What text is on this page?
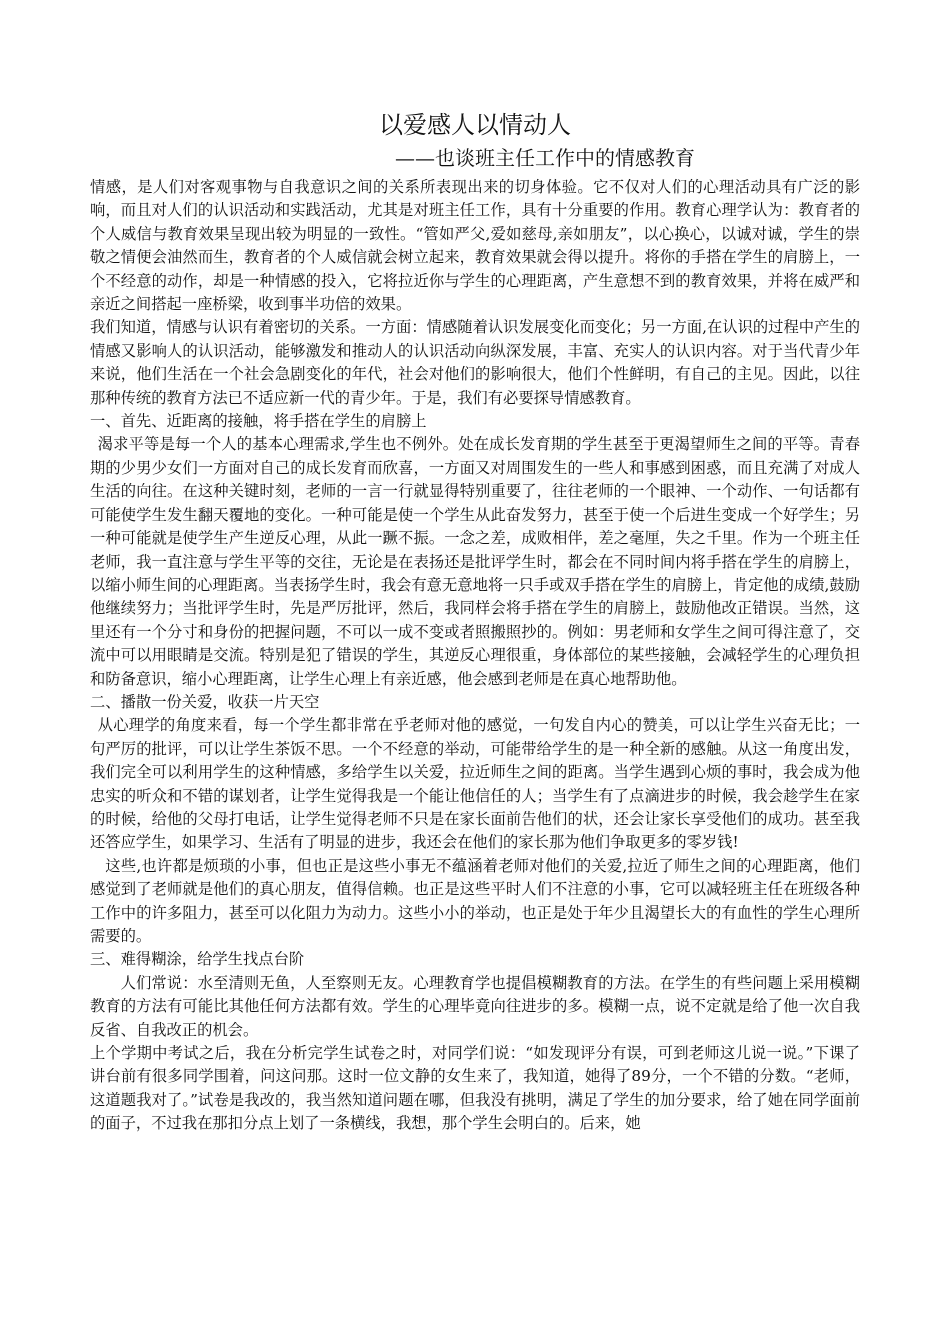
以爱感人以情动人
——也谈班主任工作中的情感教育

情感，是人们对客观事物与自我意识之间的关系所表现出来的切身体验。它不仅对人们的心理活动具有广泛的影响，而且对人们的认识活动和实践活动，尤其是对班主任工作，具有十分重要的作用。教育心理学认为：教育者的个人威信与教育效果呈现出较为明显的一致性。“管如严父,爱如慈母,亲如朋友”，以心换心，以诚对诚，学生的崇敬之情便会油然而生，教育者的个人威信就会树立起来，教育效果就会得以提升。将你的手搭在学生的肩膀上，一个不经意的动作，却是一种情感的投入，它将拉近你与学生的心理距离，产生意想不到的教育效果，并将在威严和亲近之间搭起一座桥梁，收到事半功倍的效果。

我们知道，情感与认识有着密切的关系。一方面：情感随着认识发展变化而变化；另一方面,在认识的过程中产生的情感又影响人的认识活动，能够激发和推动人的认识活动向纵深发展，丰富、充实人的认识内容。对于当代青少年来说，他们生活在一个社会急剧变化的年代，社会对他们的影响很大，他们个性鲜明，有自己的主见。因此，以往那种传统的教育方法已不适应新一代的青少年。于是，我们有必要探导情感教育。

一、首先、近距离的接触，将手搭在学生的肩膀上

渴求平等是每一个人的基本心理需求,学生也不例外。处在成长发育期的学生甚至于更渴望师生之间的平等。青春期的少男少女们一方面对自己的成长发育而欣喜，一方面又对周围发生的一些人和事感到困惑，而且充满了对成人生活的向往。在这种关键时刻，老师的一言一行就显得特别重要了，往往老师的一个眼神、一个动作、一句话都有可能使学生发生翻天覆地的变化。一种可能是使一个学生从此奋发努力，甚至于使一个后进生变成一个好学生；另一种可能就是使学生产生逆反心理，从此一蹶不振。一念之差，成败相伴，差之毫厘，失之千里。作为一个班主任老师，我一直注意与学生平等的交往，无论是在表扬还是批评学生时，都会在不同时间内将手搭在学生的肩膀上，以缩小师生间的心理距离。当表扬学生时，我会有意无意地将一只手或双手搭在学生的肩膀上，肯定他的成绩,鼓励他继续努力；当批评学生时，先是严厉批评，然后，我同样会将手搭在学生的肩膀上，鼓励他改正错误。当然，这里还有一个分寸和身份的把握问题，不可以一成不变或者照搬照抄的。例如：男老师和女学生之间可得注意了，交流中可以用眼睛是交流。特别是犯了错误的学生，其逆反心理很重，身体部位的某些接触，会减轻学生的心理负担和防备意识，缩小心理距离，让学生心理上有亲近感，他会感到老师是在真心地帮助他。

二、播散一份关爱，收获一片天空

从心理学的角度来看，每一个学生都非常在乎老师对他的感觉，一句发自内心的赞美，可以让学生兴奋无比；一句严厉的批评，可以让学生茶饭不思。一个不经意的举动，可能带给学生的是一种全新的感触。从这一角度出发，我们完全可以利用学生的这种情感，多给学生以关爱，拉近师生之间的距离。当学生遇到心烦的事时，我会成为他忠实的听众和不错的谋划者，让学生觉得我是一个能让他信任的人；当学生有了点滴进步的时候，我会趁学生在家的时候，给他的父母打电话，让学生觉得老师不只是在家长面前告他们的状，还会让家长享受他们的成功。甚至我还答应学生，如果学习、生活有了明显的进步，我还会在他们的家长那为他们争取更多的零岁钱!

这些,也许都是烦琐的小事，但也正是这些小事无不蕴涵着老师对他们的关爱,拉近了师生之间的心理距离，他们感觉到了老师就是他们的真心朋友，值得信赖。也正是这些平时人们不注意的小事，它可以减轻班主任在班级各种工作中的许多阻力，甚至可以化阻力为动力。这些小小的举动，也正是处于年少且渴望长大的有血性的学生心理所需要的。

三、难得糊涂，给学生找点台阶

人们常说：水至清则无鱼，人至察则无友。心理教育学也提倡模糊教育的方法。在学生的有些问题上采用模糊教育的方法有可能比其他任何方法都有效。学生的心理毕竟向往进步的多。模糊一点，说不定就是给了他一次自我反省、自我改正的机会。

上个学期中考试之后，我在分析完学生试卷之时，对同学们说：“如发现评分有误，可到老师这儿说一说。”下课了讲台前有很多同学围着，问这问那。这时一位文静的女生来了，我知道，她得了89分，一个不错的分数。“老师，这道题我对了。”试卷是我改的，我当然知道问题在哪，但我没有挑明，满足了学生的加分要求，给了她在同学面前的面子，不过我在那扣分点上划了一条横线，我想，那个学生会明白的。后来，她
